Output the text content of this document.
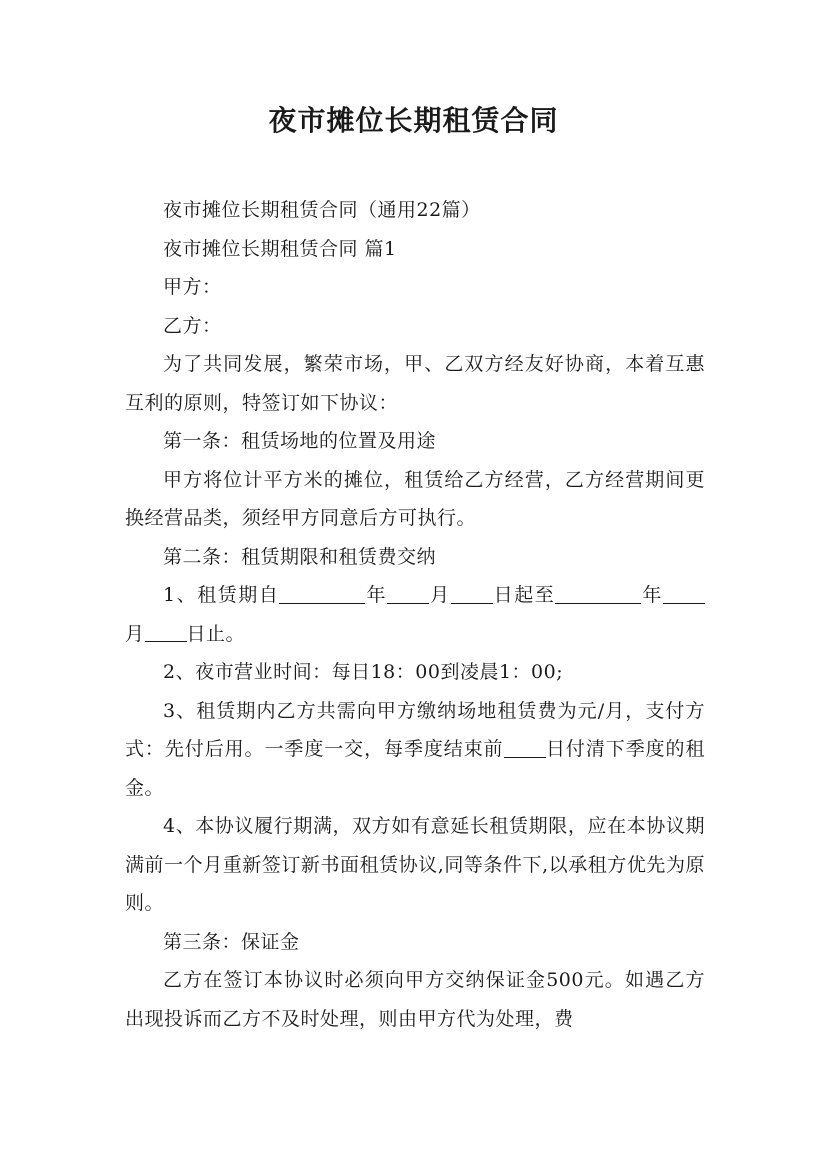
夜市摊位长期租赁合同

夜市摊位长期租赁合同（通用22篇）

夜市摊位长期租赁合同 篇1

甲方：

乙方：

为了共同发展，繁荣市场，甲、乙双方经友好协商，本着互惠互利的原则，特签订如下协议：

第一条：租赁场地的位置及用途

甲方将位计平方米的摊位，租赁给乙方经营，乙方经营期间更换经营品类，须经甲方同意后方可执行。

第二条：租赁期限和租赁费交纳

1、租赁期自	年 月 日起至	年月 日止。

2、夜市营业时间：每日18：00到凌晨1：00;

3、租赁期内乙方共需向甲方缴纳场地租赁费为元/月，支付方式：先付后用。一季度一交，每季度结束前 日付清下季度的租金。

4、本协议履行期满，双方如有意延长租赁期限，应在本协议期满前一个月重新签订新书面租赁协议,同等条件下,以承租方优先为原则。

第三条：保证金

乙方在签订本协议时必须向甲方交纳保证金500元。如遇乙方出现投诉而乙方不及时处理，则由甲方代为处理，费
